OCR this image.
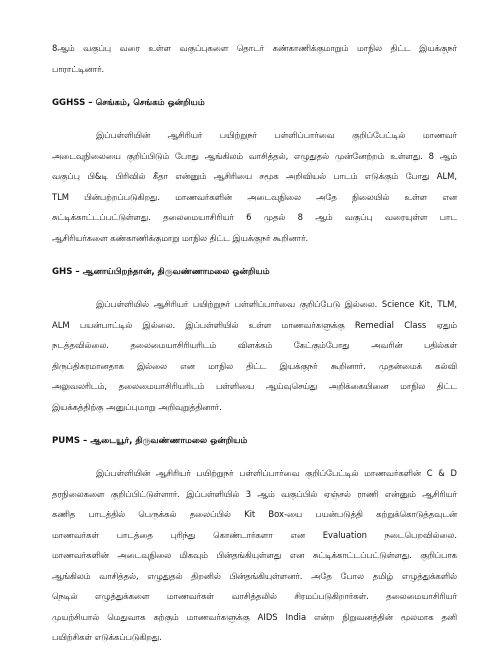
8ஆம் வகுப்பு வரை உள்ள வகுப்புகளை தொடர் கண்காணிக்குமாறும் மாநில திட்ட இயக்குநர்
பாராட்டினார்.

GGHSS – செங்கம், செங்கம் ஒன்றியம்

இப்பள்ளியின் ஆசிரியர் பயிற்றுநர் பள்ளிப்பார்வை குறிப்பேட்டில் மாணவர்
அடைவுநிலையை குறிப்பிடும் போது ஆங்கிலம் வாசித்தல், எழுதுதல் முன்னேற்றம் உள்ளது. 8 ஆம்
வகுப்பு பி&டி பிரிவில் கீதா என்னும் ஆசிரியை சமூக அறிவியல் பாடம் எடுக்கும் போது ALM,
TLM பின்பற்றப்படுகிறது. மாணவர்களின் அடைவுநிலை அதே நிலையில் உள்ள என
சுட்டிக்காட்டப்பட்டுள்ளது. தலைமையாசிரியர் 6 முதல் 8 ஆம் வகுப்பு வரையுள்ள பாட
ஆசிரியர்களை கண்காணிக்குமாறு மாநில திட்ட இயக்குநர் கூறினார்.

GHS – ஆனாய்பிறந்தான், திருவண்ணாமலை ஒன்றியம்

இப்பள்ளியில் ஆசிரியர் பயிற்றுநர் பள்ளிப்பார்வை குறிப்பேடு இல்லை. Science Kit, TLM,
ALM பயன்பாட்டில் இல்லை. இப்பள்ளியில் உள்ள மாணவர்களுக்கு Remedial Class ஏதும்
நடத்தவில்லை. தலைமையாசிரியரிடம் விளக்கம் கேட்கும்போது அவரின் பதில்கள்
திருப்திகரமானதாக இல்லை என மாநில திட்ட இயக்குநர் கூறினார். முதன்மைக் கல்வி
அலுவலரிடம், தலைமையாசிரியரிடம் பள்ளியை ஆய்வுசெய்து அறிக்கையினை மாநில திட்ட
இயக்கத்திற்கு அனுப்புமாறு அறிவுறுத்தினார்.

PUMS – ஆடையூர், திருவண்ணாமலை ஒன்றியம்

இப்பள்ளியின் ஆசிரியர் பயிற்றுநர் பள்ளிப்பார்வை குறிப்பேட்டில் மாணவர்களின் C & D
தரநிலைகளை குறிப்பிட்டுள்ளார். இப்பள்ளியில் 3 ஆம் வகுப்பில் ஏஞ்சல் ராணி என்னும் ஆசிரியர்
கணித பாடத்தில் பெருக்கல் தலைப்பில் Kit Box-யை பயன்படுத்தி கற்றுக்கொடுத்தவுடன்
மாணவர்கள் பாடத்தை புரிந்து கொண்டார்களா என Evaluation நடைபெறவில்லை.
மாணவர்களின் அடைவுநிலை மிகவும் பின்தங்கியுள்ளது என சுட்டிக்காட்டப்பட்டுள்ளது. குறிப்பாக
ஆங்கிலம் வாசித்தல், எழுதுதல் திறனில் பின்தங்கியுள்ளனர். அதே போல தமிழ் எழுத்துக்களில்
நெடில் எழுத்துக்களை மாணவர்கள் வாசித்தலில் சிரமப்படுகிறார்கள். தலைமையாசிரியர்
முயற்சியால் மெதுவாக கற்கும் மாணவர்களுக்கு AIDS India என்ற நிறுவனத்தின் மூலமாக தனி
பயிற்சிகள் எடுக்கப்படுகிறது.
